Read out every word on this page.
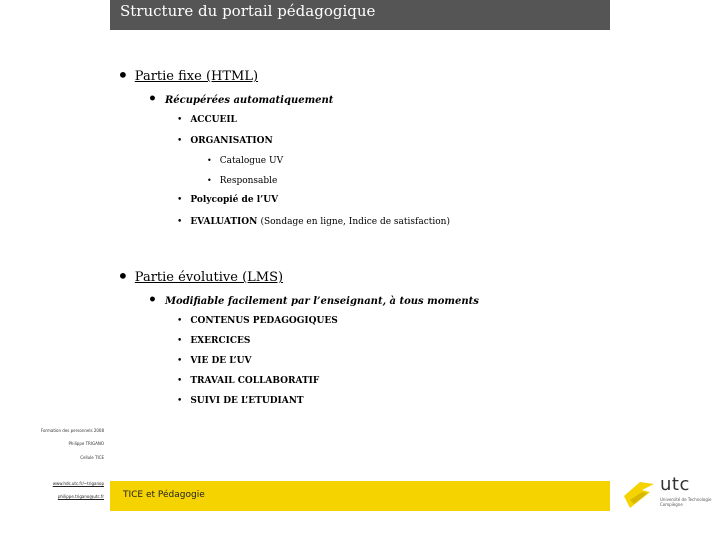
Structure du portail pédagogique
• Partie fixe (HTML)
• Récupérées automatiquement
• ACCUEIL
• ORGANISATION
• Catalogue UV
• Responsable
• Polycopié de l’UV
• EVALUATION (Sondage en ligne, Indice de satisfaction)
• Partie évolutive (LMS)
• Modifiable facilement par l’enseignant, à tous moments
• CONTENUS PEDAGOGIQUES
• EXERCICES
• VIE DE L’UV
• TRAVAIL COLLABORATIF
• SUIVI DE L’ETUDIANT
Formation des personnels 2008
Philippe TRIGANO
Cellule TICE
www.hds.utc.fr/~triganop
philippe.trigano@utc.fr TICE et Pédagogie	utc
Université de Technologie
Compiègne
